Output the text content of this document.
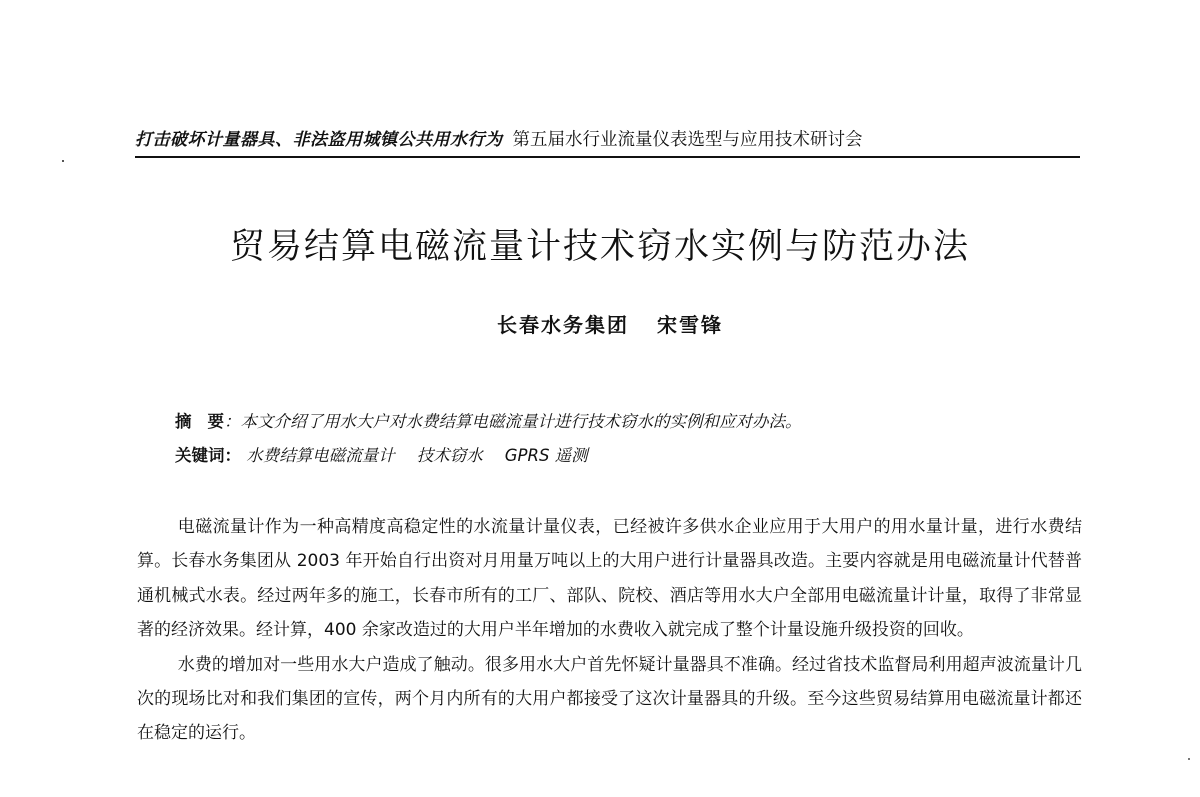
打击破坏计量器具、非法盗用城镇公共用水行为 第五届水行业流量仪表选型与应用技术研讨会
贸易结算电磁流量计技术窃水实例与防范办法
长春水务集团 宋雪锋
摘 要：本文介绍了用水大户对水费结算电磁流量计进行技术窃水的实例和应对办法。
关键词： 水费结算电磁流量计 技术窃水 GPRS 遥测

电磁流量计作为一种高精度高稳定性的水流量计量仪表，已经被许多供水企业应用于大用户的用水量计量，进行水费结算。长春水务集团从 2003 年开始自行出资对月用量万吨以上的大用户进行计量器具改造。主要内容就是用电磁流量计代替普通机械式水表。经过两年多的施工，长春市所有的工厂、部队、院校、酒店等用水大户全部用电磁流量计计量，取得了非常显著的经济效果。经计算，400 余家改造过的大用户半年增加的水费收入就完成了整个计量设施升级投资的回收。

水费的增加对一些用水大户造成了触动。很多用水大户首先怀疑计量器具不准确。经过省技术监督局利用超声波流量计几次的现场比对和我们集团的宣传，两个月内所有的大用户都接受了这次计量器具的升级。至今这些贸易结算用电磁流量计都还在稳定的运行。
